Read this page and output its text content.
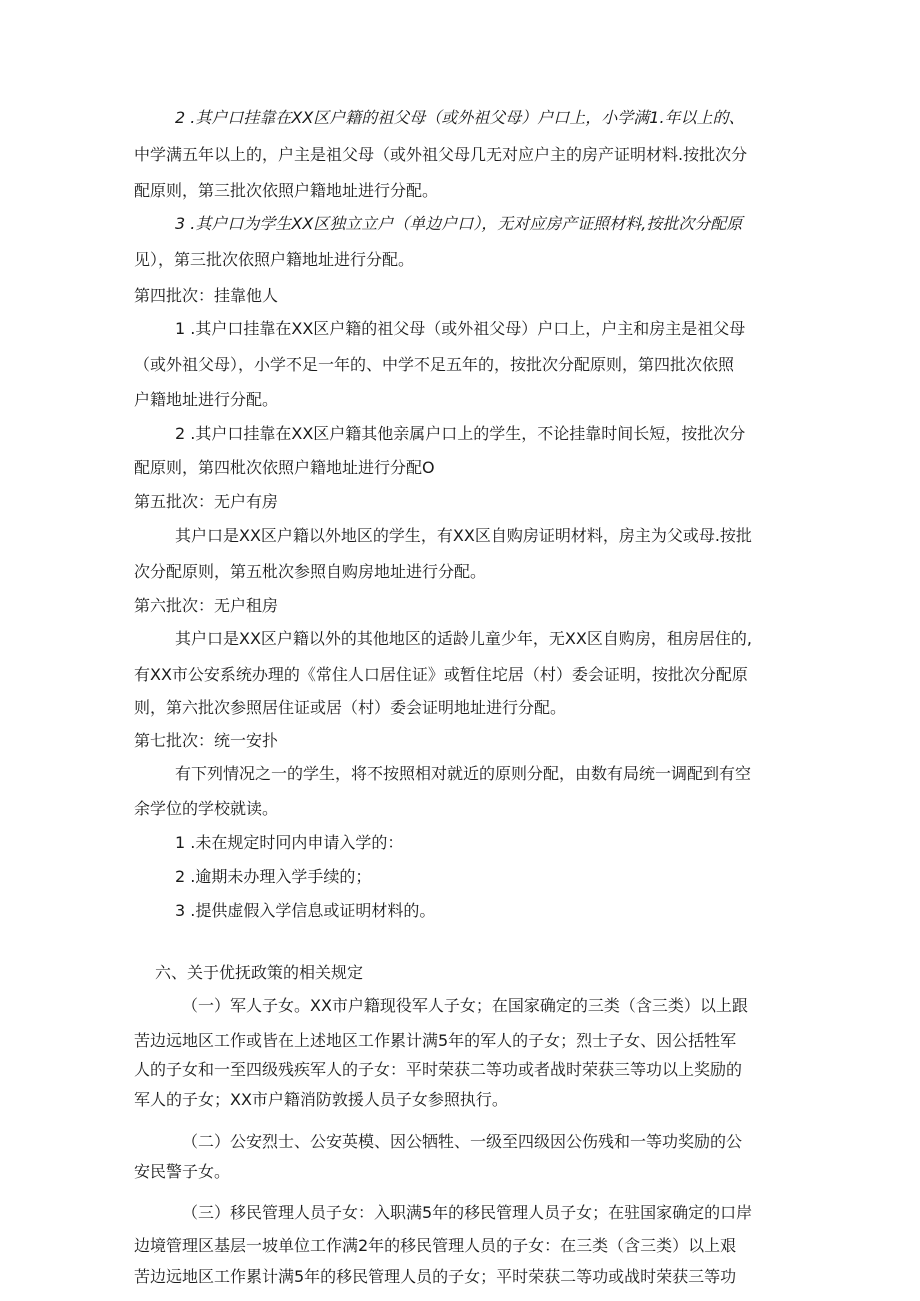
2 .其户口挂靠在XX区户籍的祖父母（或外祖父母）户口上，小学满1.年以上的、
中学满五年以上的，户主是祖父母（或外祖父母几无对应户主的房产证明材料.按批次分
配原则，第三批次依照户籍地址进行分配。
3 .其户口为学生XX区独立立户（单边户口），无对应房产证照材料,按批次分配原
见），第三批次依照户籍地址进行分配。
第四批次：挂靠他人
1 .其户口挂靠在XX区户籍的祖父母（或外祖父母）户口上，户主和房主是祖父母
（或外祖父母），小学不足一年的、中学不足五年的，按批次分配原则，第四批次依照
户籍地址进行分配。
2 .其户口挂靠在XX区户籍其他亲属户口上的学生，不论挂靠时间长短，按批次分
配原则，第四枇次依照户籍地址进行分配O
第五批次：无户有房
其户口是XX区户籍以外地区的学生，有XX区自购房证明材料，房主为父或母.按批
次分配原则，第五枇次参照自购房地址进行分配。
第六批次：无户租房
其户口是XX区户籍以外的其他地区的适龄儿童少年，无XX区自购房，租房居住的,
有XX市公安系统办理的《常住人口居住证》或暂住坨居（村）委会证明，按批次分配原
则，第六批次参照居住证或居（村）委会证明地址进行分配。
第七批次：统一安扑
有下列情况之一的学生，将不按照相对就近的原则分配，由数有局统一调配到有空
余学位的学校就读。
1 .未在规定时冋内申请入学的：
2 .逾期未办理入学手续的；
3 .提供虚假入学信息或证明材料的。
六、关于优抚政策的相关规定
（一）军人子女。XX市户籍现役军人子女；在国家确定的三类（含三类）以上跟
苦边远地区工作或皆在上述地区工作累计满5年的军人的子女；烈士子女、因公括牲军
人的子女和一至四级残疾军人的子女：平时荣获二等功或者战时荣获三等功以上奖励的
军人的子女；XX市户籍消防敦援人员子女参照执行。
（二）公安烈士、公安英模、因公牺牲、一级至四级因公伤残和一等功奖励的公
安民警子女。
（三）移民管理人员子女：入职满5年的移民管理人员子女；在驻国家确定的口岸
边境管理区基层一坡单位工作满2年的移民管理人员的子女：在三类（含三类）以上艰
苦边远地区工作累计满5年的移民管理人员的子女；平时荣获二等功或战时荣获三等功
